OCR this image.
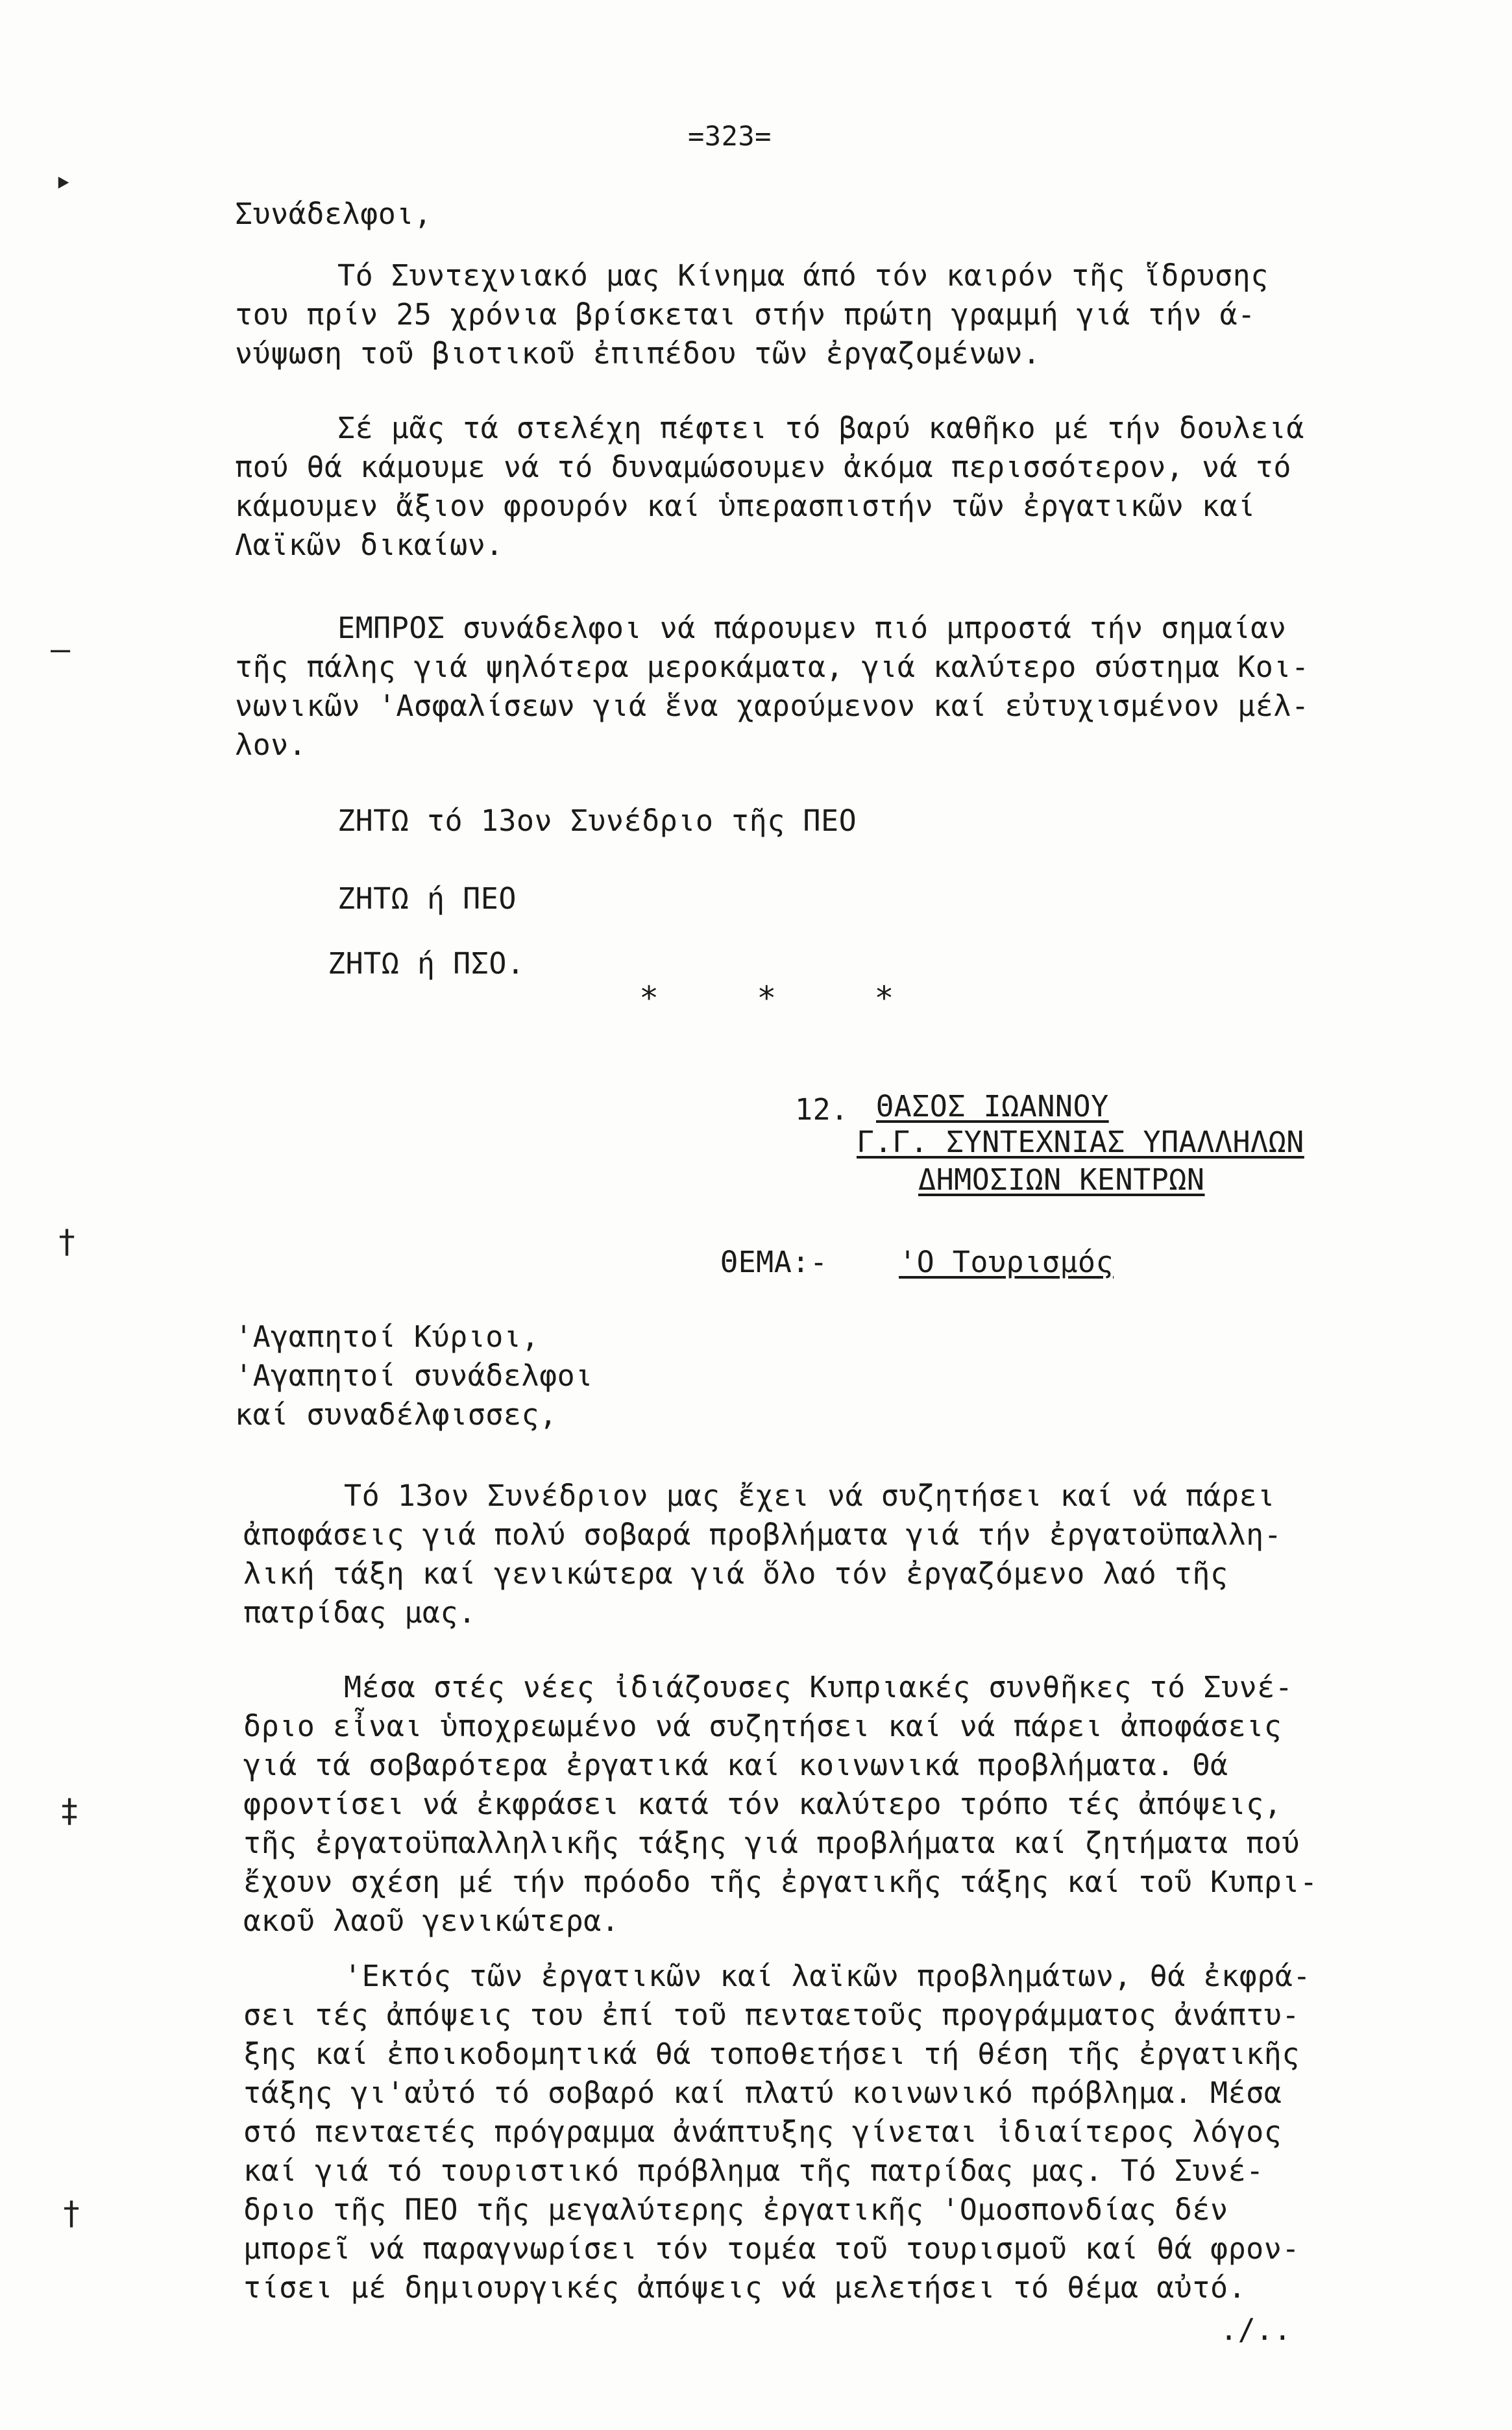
=323=
‣
—
†
‡
†
Συνάδελφοι,
Τό Συντεχνιακό μας Κίνημα άπό τόν καιρόν τῆς ἵδρυσης
του πρίν 25 χρόνια βρίσκεται στήν πρώτη γραμμή γιά τήν ά-
νύψωση τοῦ βιοτικοῦ ἐπιπέδου τῶν ἐργαζομένων.
Σέ μᾶς τά στελέχη πέφτει τό βαρύ καθῆκο μέ τήν δουλειά
πού θά κάμουμε νά τό δυναμώσουμεν ἀκόμα περισσότερον, νά τό
κάμουμεν ἄξιον φρουρόν καί ὑπερασπιστήν τῶν ἐργατικῶν καί
Λαϊκῶν δικαίων.
ΕΜΠΡΟΣ συνάδελφοι νά πάρουμεν πιό μπροστά τήν σημαίαν
τῆς πάλης γιά ψηλότερα μεροκάματα, γιά καλύτερο σύστημα Κοι-
νωνικῶν 'Ασφαλίσεων γιά ἕνα χαρούμενον καί εὐτυχισμένον μέλ-
λον.
ΖΗΤΩ τό 13ον Συνέδριο τῆς ΠΕΟ
ΖΗΤΩ ή ΠΕΟ
ΖΗΤΩ ή ΠΣΟ.
* * *
12. ΘΑΣΟΣ ΙΩΑΝΝΟΥ
Γ.Γ. ΣΥΝΤΕΧΝΙΑΣ ΥΠΑΛΛΗΛΩΝ
ΔΗΜΟΣΙΩΝ ΚΕΝΤΡΩΝ
ΘΕΜΑ:- 'Ο Τουρισμός
'Αγαπητοί Κύριοι,
'Αγαπητοί συνάδελφοι
καί συναδέλφισσες,
Τό 13ον Συνέδριον μας ἔχει νά συζητήσει καί νά πάρει
ἀποφάσεις γιά πολύ σοβαρά προβλήματα γιά τήν ἐργατοϋπαλλη-
λική τάξη καί γενικώτερα γιά ὅλο τόν ἐργαζόμενο λαό τῆς
πατρίδας μας.
Μέσα στές νέες ἰδιάζουσες Κυπριακές συνθῆκες τό Συνέ-
δριο εἶναι ὑποχρεωμένο νά συζητήσει καί νά πάρει ἀποφάσεις
γιά τά σοβαρότερα ἐργατικά καί κοινωνικά προβλήματα. Θά
φροντίσει νά ἐκφράσει κατά τόν καλύτερο τρόπο τές ἀπόψεις,
τῆς ἐργατοϋπαλληλικῆς τάξης γιά προβλήματα καί ζητήματα πού
ἔχουν σχέση μέ τήν πρόοδο τῆς ἐργατικῆς τάξης καί τοῦ Κυπρι-
ακοῦ λαοῦ γενικώτερα.
'Εκτός τῶν ἐργατικῶν καί λαϊκῶν προβλημάτων, θά ἐκφρά-
σει τές ἀπόψεις του ἐπί τοῦ πενταετοῦς προγράμματος ἀνάπτυ-
ξης καί ἐποικοδομητικά θά τοποθετήσει τή θέση τῆς ἐργατικῆς
τάξης γι'αὐτό τό σοβαρό καί πλατύ κοινωνικό πρόβλημα. Μέσα
στό πενταετές πρόγραμμα ἀνάπτυξης γίνεται ἰδιαίτερος λόγος
καί γιά τό τουριστικό πρόβλημα τῆς πατρίδας μας. Τό Συνέ-
δριο τῆς ΠΕΟ τῆς μεγαλύτερης ἐργατικῆς 'Ομοσπονδίας δέν
μπορεῖ νά παραγνωρίσει τόν τομέα τοῦ τουρισμοῦ καί θά φρον-
τίσει μέ δημιουργικές ἀπόψεις νά μελετήσει τό θέμα αὐτό.
./..
